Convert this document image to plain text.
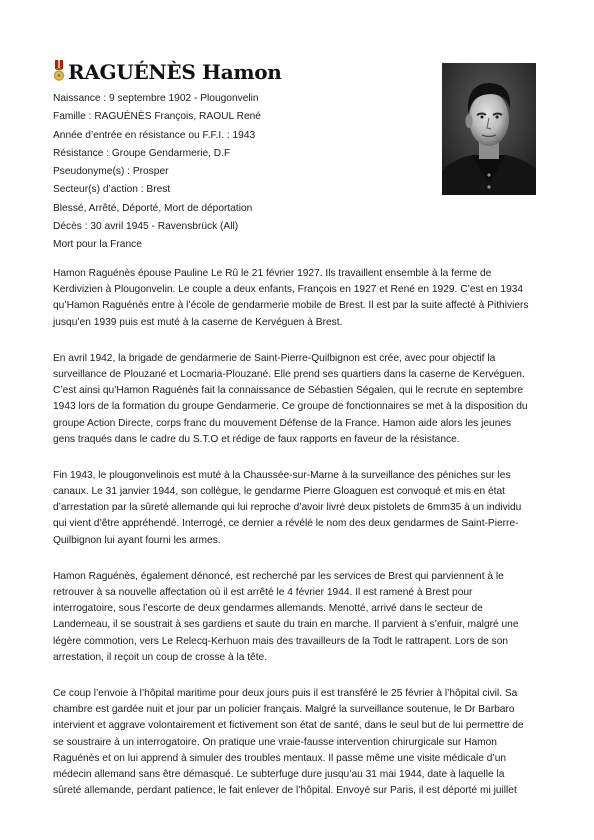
RAGUÉNÈS Hamon
Naissance : 9 septembre 1902 - Plougonvelin
Famille : RAGUÉNÈS François, RAOUL René
Année d’entrée en résistance ou F.F.I. : 1943
Résistance : Groupe Gendarmerie, D.F
Pseudonyme(s) : Prosper
Secteur(s) d’action : Brest
Blessé, Arrêté, Déporté, Mort de déportation
Décès : 30 avril 1945 - Ravensbrück (All)
Mort pour la France
Hamon Raguénès épouse Pauline Le Rû le 21 février 1927. Ils travaillent ensemble à la ferme de
Kerdivizien à Plougonvelin. Le couple a deux enfants, François en 1927 et René en 1929. C’est en 1934
qu’Hamon Raguénès entre à l’école de gendarmerie mobile de Brest. Il est par la suite affecté à Pithiviers
jusqu’en 1939 puis est muté à la caserne de Kervéguen à Brest.
En avril 1942, la brigade de gendarmerie de Saint-Pierre-Quilbignon est crée, avec pour objectif la
surveillance de Plouzané et Locmaria-Plouzané. Elle prend ses quartiers dans la caserne de Kervéguen.
C’est ainsi qu’Hamon Raguénès fait la connaissance de Sébastien Ségalen, qui le recrute en septembre
1943 lors de la formation du groupe Gendarmerie. Ce groupe de fonctionnaires se met à la disposition du
groupe Action Directe, corps franc du mouvement Défense de la France. Hamon aide alors les jeunes
gens traqués dans le cadre du S.T.O et rédige de faux rapports en faveur de la résistance.
Fin 1943, le plougonvelinois est muté à la Chaussée-sur-Marne à la surveillance des péniches sur les
canaux. Le 31 janvier 1944, son collègue, le gendarme Pierre Gloaguen est convoqué et mis en état
d’arrestation par la sûreté allemande qui lui reproche d’avoir livré deux pistolets de 6mm35 à un individu
qui vient d’être appréhendé. Interrogé, ce dernier a révélé le nom des deux gendarmes de Saint-Pierre-
Quilbignon lui ayant fourni les armes.
Hamon Raguénès, également dénoncé, est recherché par les services de Brest qui parviennent à le
retrouver à sa nouvelle affectation où il est arrêté le 4 février 1944. Il est ramené à Brest pour
interrogatoire, sous l’escorte de deux gendarmes allemands. Menotté, arrivé dans le secteur de
Landerneau, il se soustrait à ses gardiens et saute du train en marche. Il parvient à s’enfuir, malgré une
légère commotion, vers Le Relecq-Kerhuon mais des travailleurs de la Todt le rattrapent. Lors de son
arrestation, il reçoit un coup de crosse à la tête.
Ce coup l’envoie à l’hôpital maritime pour deux jours puis il est transféré le 25 février à l’hôpital civil. Sa
chambre est gardée nuit et jour par un policier français. Malgré la surveillance soutenue, le Dr Barbaro
intervient et aggrave volontairement et fictivement son état de santé, dans le seul but de lui permettre de
se soustraire à un interrogatoire. On pratique une vraie-fausse intervention chirurgicale sur Hamon
Raguénès et on lui apprend à simuler des troubles mentaux. Il passe même une visite médicale d’un
médecin allemand sans être démasqué. Le subterfuge dure jusqu’au 31 mai 1944, date à laquelle la
sûreté allemande, perdant patience, le fait enlever de l’hôpital. Envoyé sur Paris, il est déporté mi juillet
